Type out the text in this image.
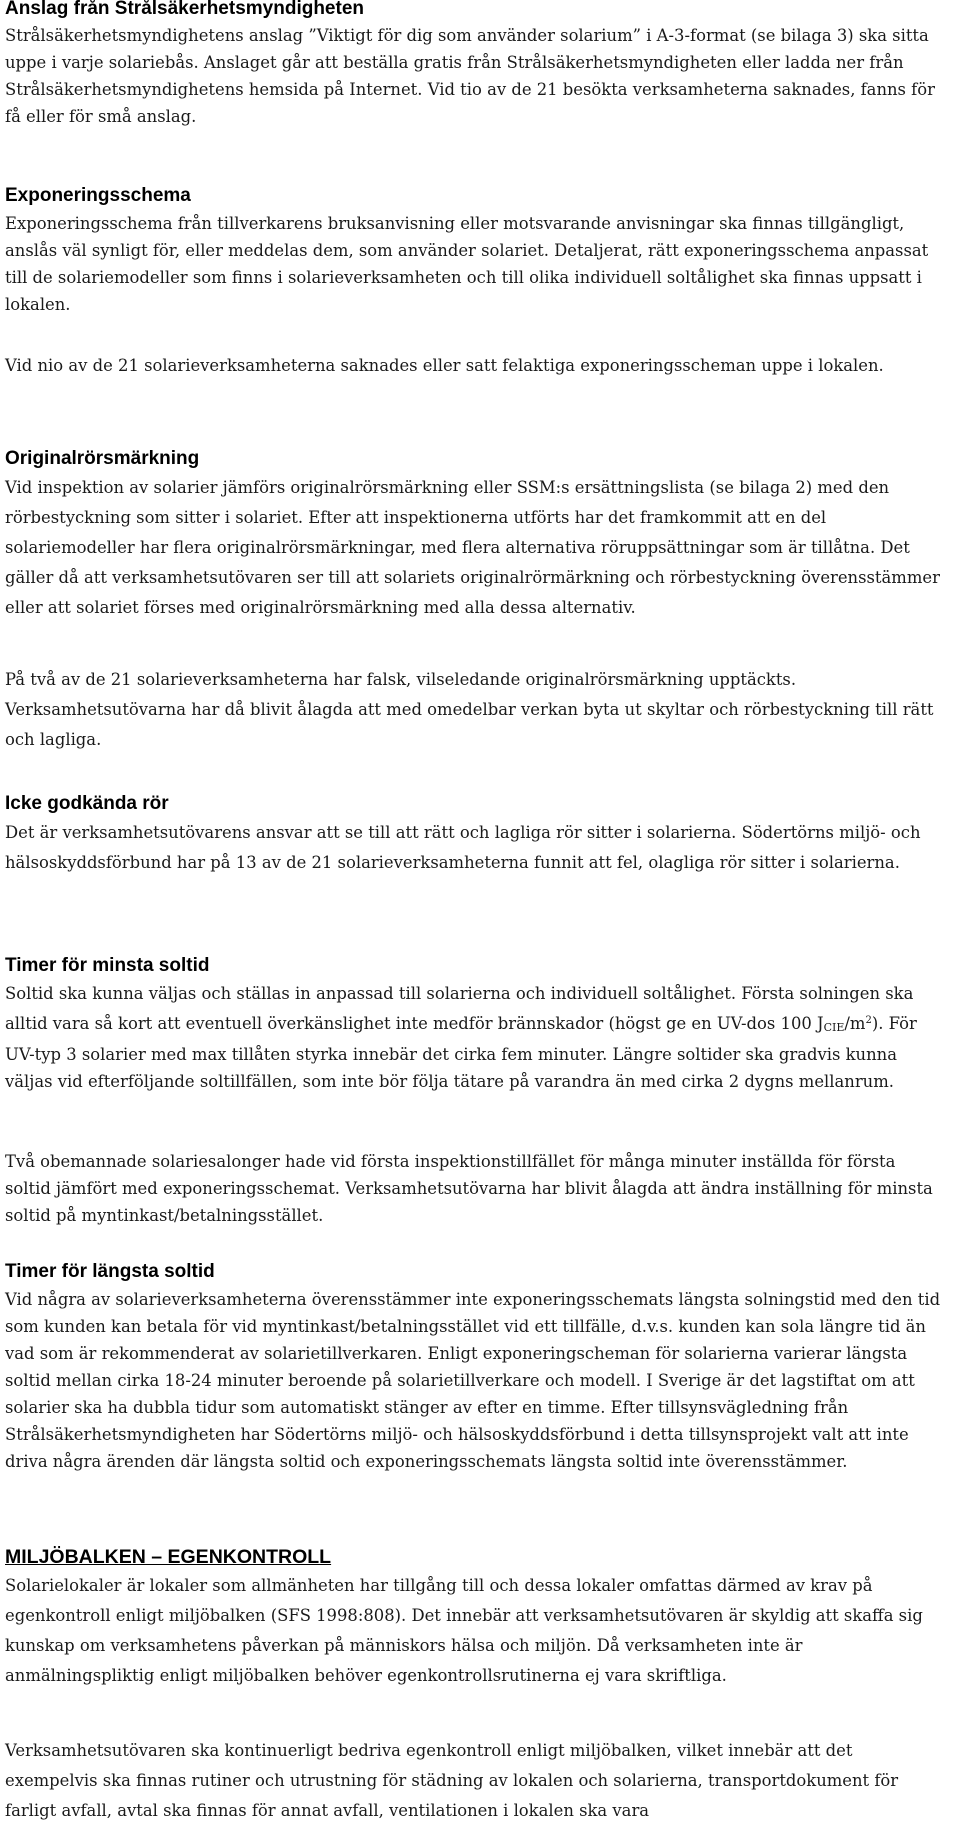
Anslag från Strålsäkerhetsmyndigheten

Strålsäkerhetsmyndighetens anslag ”Viktigt för dig som använder solarium” i A-3-format (se bilaga 3) ska sitta uppe i varje solariebås. Anslaget går att beställa gratis från Strålsäkerhetsmyndigheten eller ladda ner från Strålsäkerhetsmyndighetens hemsida på Internet. Vid tio av de 21 besökta verksamheterna saknades, fanns för få eller för små anslag.

Exponeringsschema

Exponeringsschema från tillverkarens bruksanvisning eller motsvarande anvisningar ska finnas tillgängligt, anslås väl synligt för, eller meddelas dem, som använder solariet. Detaljerat, rätt exponeringsschema anpassat till de solariemodeller som finns i solarieverksamheten och till olika individuell soltålighet ska finnas uppsatt i lokalen.

Vid nio av de 21 solarieverksamheterna saknades eller satt felaktiga exponeringsscheman uppe i lokalen.

Originalrörsmärkning

Vid inspektion av solarier jämförs originalrörsmärkning eller SSM:s ersättningslista (se bilaga 2) med den rörbestyckning som sitter i solariet. Efter att inspektionerna utförts har det framkommit att en del solariemodeller har flera originalrörsmärkningar, med flera alternativa röruppsättningar som är tillåtna. Det gäller då att verksamhetsutövaren ser till att solariets originalrörmärkning och rörbestyckning överensstämmer eller att solariet förses med originalrörsmärkning med alla dessa alternativ.

På två av de 21 solarieverksamheterna har falsk, vilseledande originalrörsmärkning upptäckts. Verksamhetsutövarna har då blivit ålagda att med omedelbar verkan byta ut skyltar och rörbestyckning till rätt och lagliga.

Icke godkända rör

Det är verksamhetsutövarens ansvar att se till att rätt och lagliga rör sitter i solarierna. Södertörns miljö- och hälsoskyddsförbund har på 13 av de 21 solarieverksamheterna funnit att fel, olagliga rör sitter i solarierna.

Timer för minsta soltid

Soltid ska kunna väljas och ställas in anpassad till solarierna och individuell soltålighet. Första solningen ska alltid vara så kort att eventuell överkänslighet inte medför brännskador (högst ge en UV-dos 100 JCIE/$m^2$). För UV-typ 3 solarier med max tillåten styrka innebär det cirka fem minuter. Längre soltider ska gradvis kunna väljas vid efterföljande soltillfällen, som inte bör följa tätare på varandra än med cirka 2 dygns mellanrum.

Två obemannade solariesalonger hade vid första inspektionstillfället för många minuter inställda för första soltid jämfört med exponeringsschemat. Verksamhetsutövarna har blivit ålagda att ändra inställning för minsta soltid på myntinkast/betalningsstället.

Timer för längsta soltid

Vid några av solarieverksamheterna överensstämmer inte exponeringsschemats längsta solningstid med den tid som kunden kan betala för vid myntinkast/betalningsstället vid ett tillfälle, d.v.s. kunden kan sola längre tid än vad som är rekommenderat av solarietillverkaren. Enligt exponeringscheman för solarierna varierar längsta soltid mellan cirka 18-24 minuter beroende på solarietillverkare och modell. I Sverige är det lagstiftat om att solarier ska ha dubbla tidur som automatiskt stänger av efter en timme. Efter tillsynsvägledning från Strålsäkerhetsmyndigheten har Södertörns miljö- och hälsoskyddsförbund i detta tillsynsprojekt valt att inte driva några ärenden där längsta soltid och exponeringsschemats längsta soltid inte överensstämmer.

MILJÖBALKEN – EGENKONTROLL

Solarielokaler är lokaler som allmänheten har tillgång till och dessa lokaler omfattas därmed av krav på egenkontroll enligt miljöbalken (SFS 1998:808). Det innebär att verksamhetsutövaren är skyldig att skaffa sig kunskap om verksamhetens påverkan på människors hälsa och miljön. Då verksamheten inte är anmälningspliktig enligt miljöbalken behöver egenkontrollsrutinerna ej vara skriftliga.

Verksamhetsutövaren ska kontinuerligt bedriva egenkontroll enligt miljöbalken, vilket innebär att det exempelvis ska finnas rutiner och utrustning för städning av lokalen och solarierna, transportdokument för farligt avfall, avtal ska finnas för annat avfall, ventilationen i lokalen ska vara
